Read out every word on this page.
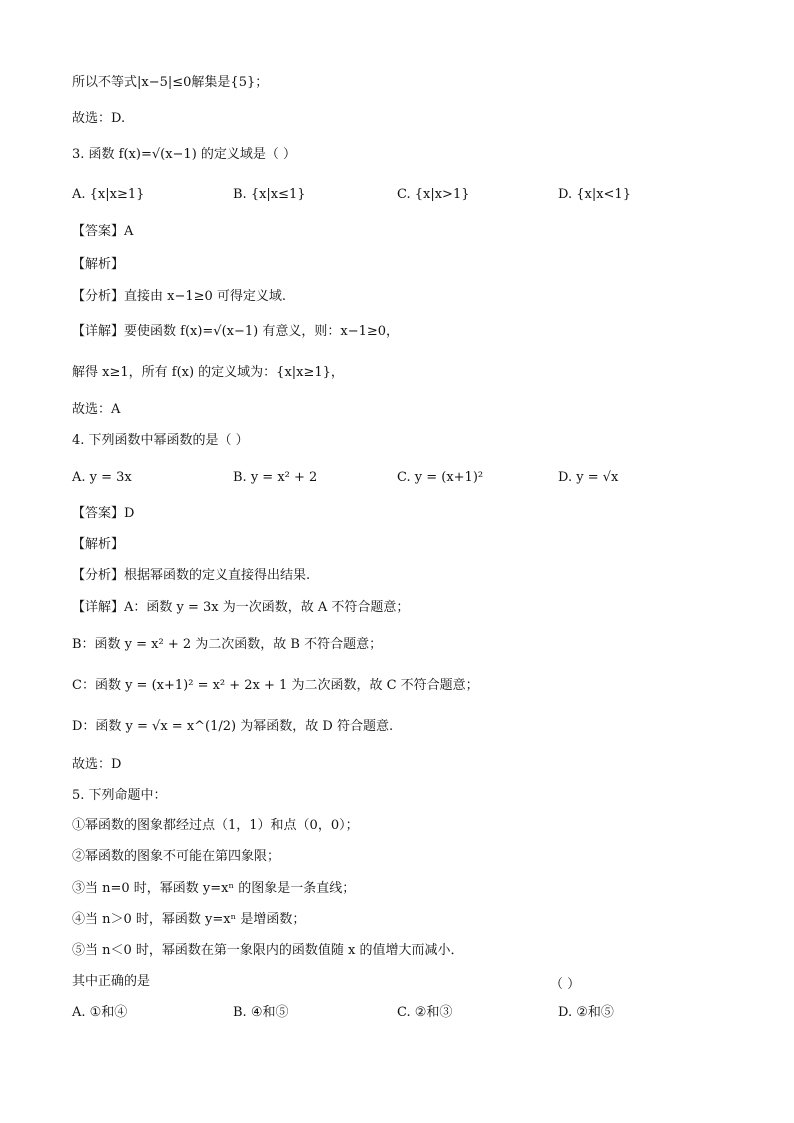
所以不等式|x−5|≤0解集是{5}；
故选：D.
3. 函数 f(x)=√(x−1) 的定义域是（ ）
A. {x|x≥1}	B. {x|x≤1}	C. {x|x>1}	D. {x|x<1}
【答案】A
【解析】
【分析】直接由 x−1≥0 可得定义域.
【详解】要使函数 f(x)=√(x−1) 有意义，则：x−1≥0，
解得 x≥1，所有 f(x) 的定义域为：{x|x≥1}，
故选：A
4. 下列函数中幂函数的是（ ）
A. y = 3x	B. y = x² + 2	C. y = (x+1)²	D. y = √x
【答案】D
【解析】
【分析】根据幂函数的定义直接得出结果.
【详解】A：函数 y = 3x 为一次函数，故 A 不符合题意；
B：函数 y = x² + 2 为二次函数，故 B 不符合题意；
C：函数 y = (x+1)² = x² + 2x + 1 为二次函数，故 C 不符合题意；
D：函数 y = √x = x^(1/2) 为幂函数，故 D 符合题意.
故选：D
5. 下列命题中：
①幂函数的图象都经过点（1，1）和点（0，0）；
②幂函数的图象不可能在第四象限；
③当 n=0 时，幂函数 y=xⁿ 的图象是一条直线；
④当 n＞0 时，幂函数 y=xⁿ 是增函数；
⑤当 n＜0 时，幂函数在第一象限内的函数值随 x 的值增大而减小．
其中正确的是	（ ）
A. ①和④	B. ④和⑤	C. ②和③	D. ②和⑤
